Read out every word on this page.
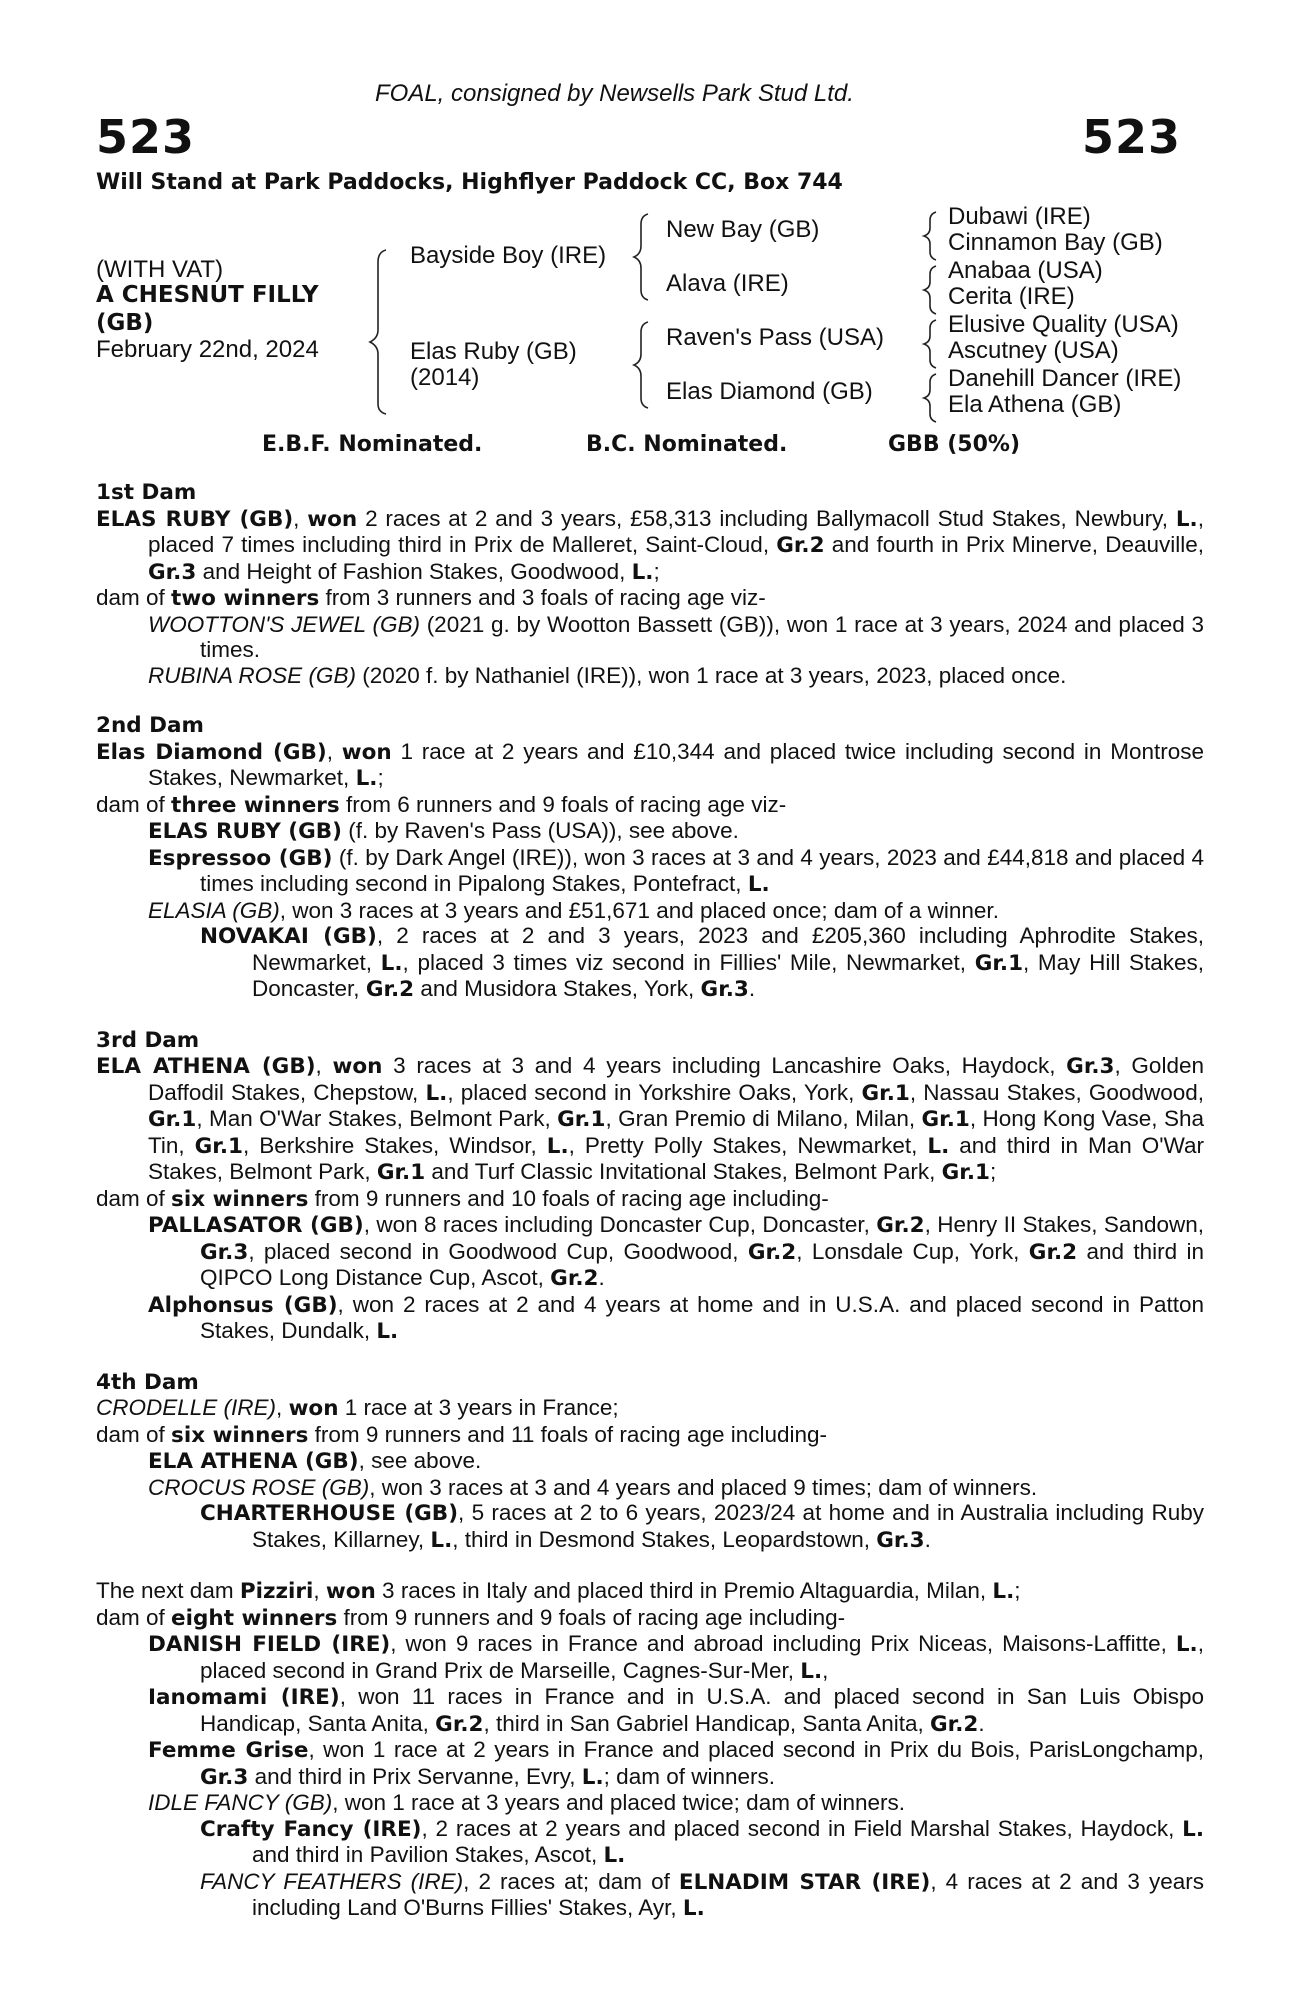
523
FOAL, consigned by Newsells Park Stud Ltd.
523
Will Stand at Park Paddocks, Highflyer Paddock CC, Box 744
(WITH VAT)
A CHESNUT FILLY
(GB)
February 22nd, 2024
Bayside Boy (IRE)
Elas Ruby (GB)
(2014)
New Bay (GB)
Alava (IRE)
Raven's Pass (USA)
Elas Diamond (GB)
Dubawi (IRE)
Cinnamon Bay (GB)
Anabaa (USA)
Cerita (IRE)
Elusive Quality (USA)
Ascutney (USA)
Danehill Dancer (IRE)
Ela Athena (GB)
E.B.F. Nominated.	B.C. Nominated.	GBB (50%)
1st Dam
ELAS RUBY (GB), won 2 races at 2 and 3 years, £58,313 including Ballymacoll Stud Stakes, Newbury, L., placed 7 times including third in Prix de Malleret, Saint-Cloud, Gr.2 and fourth in Prix Minerve, Deauville, Gr.3 and Height of Fashion Stakes, Goodwood, L.;
dam of two winners from 3 runners and 3 foals of racing age viz-
WOOTTON'S JEWEL (GB) (2021 g. by Wootton Bassett (GB)), won 1 race at 3 years, 2024 and placed 3 times.
RUBINA ROSE (GB) (2020 f. by Nathaniel (IRE)), won 1 race at 3 years, 2023, placed once.
2nd Dam
Elas Diamond (GB), won 1 race at 2 years and £10,344 and placed twice including second in Montrose Stakes, Newmarket, L.;
dam of three winners from 6 runners and 9 foals of racing age viz-
ELAS RUBY (GB) (f. by Raven's Pass (USA)), see above.
Espressoo (GB) (f. by Dark Angel (IRE)), won 3 races at 3 and 4 years, 2023 and £44,818 and placed 4 times including second in Pipalong Stakes, Pontefract, L.
ELASIA (GB), won 3 races at 3 years and £51,671 and placed once; dam of a winner.
NOVAKAI (GB), 2 races at 2 and 3 years, 2023 and £205,360 including Aphrodite Stakes, Newmarket, L., placed 3 times viz second in Fillies' Mile, Newmarket, Gr.1, May Hill Stakes, Doncaster, Gr.2 and Musidora Stakes, York, Gr.3.
3rd Dam
ELA ATHENA (GB), won 3 races at 3 and 4 years including Lancashire Oaks, Haydock, Gr.3, Golden Daffodil Stakes, Chepstow, L., placed second in Yorkshire Oaks, York, Gr.1, Nassau Stakes, Goodwood, Gr.1, Man O'War Stakes, Belmont Park, Gr.1, Gran Premio di Milano, Milan, Gr.1, Hong Kong Vase, Sha Tin, Gr.1, Berkshire Stakes, Windsor, L., Pretty Polly Stakes, Newmarket, L. and third in Man O'War Stakes, Belmont Park, Gr.1 and Turf Classic Invitational Stakes, Belmont Park, Gr.1;
dam of six winners from 9 runners and 10 foals of racing age including-
PALLASATOR (GB), won 8 races including Doncaster Cup, Doncaster, Gr.2, Henry II Stakes, Sandown, Gr.3, placed second in Goodwood Cup, Goodwood, Gr.2, Lonsdale Cup, York, Gr.2 and third in QIPCO Long Distance Cup, Ascot, Gr.2.
Alphonsus (GB), won 2 races at 2 and 4 years at home and in U.S.A. and placed second in Patton Stakes, Dundalk, L.
4th Dam
CRODELLE (IRE), won 1 race at 3 years in France;
dam of six winners from 9 runners and 11 foals of racing age including-
ELA ATHENA (GB), see above.
CROCUS ROSE (GB), won 3 races at 3 and 4 years and placed 9 times; dam of winners.
CHARTERHOUSE (GB), 5 races at 2 to 6 years, 2023/24 at home and in Australia including Ruby Stakes, Killarney, L., third in Desmond Stakes, Leopardstown, Gr.3.
The next dam Pizziri, won 3 races in Italy and placed third in Premio Altaguardia, Milan, L.;
dam of eight winners from 9 runners and 9 foals of racing age including-
DANISH FIELD (IRE), won 9 races in France and abroad including Prix Niceas, Maisons-Laffitte, L., placed second in Grand Prix de Marseille, Cagnes-Sur-Mer, L.,
Ianomami (IRE), won 11 races in France and in U.S.A. and placed second in San Luis Obispo Handicap, Santa Anita, Gr.2, third in San Gabriel Handicap, Santa Anita, Gr.2.
Femme Grise, won 1 race at 2 years in France and placed second in Prix du Bois, ParisLongchamp, Gr.3 and third in Prix Servanne, Evry, L.; dam of winners.
IDLE FANCY (GB), won 1 race at 3 years and placed twice; dam of winners.
Crafty Fancy (IRE), 2 races at 2 years and placed second in Field Marshal Stakes, Haydock, L. and third in Pavilion Stakes, Ascot, L.
FANCY FEATHERS (IRE), 2 races at; dam of ELNADIM STAR (IRE), 4 races at 2 and 3 years including Land O'Burns Fillies' Stakes, Ayr, L.
